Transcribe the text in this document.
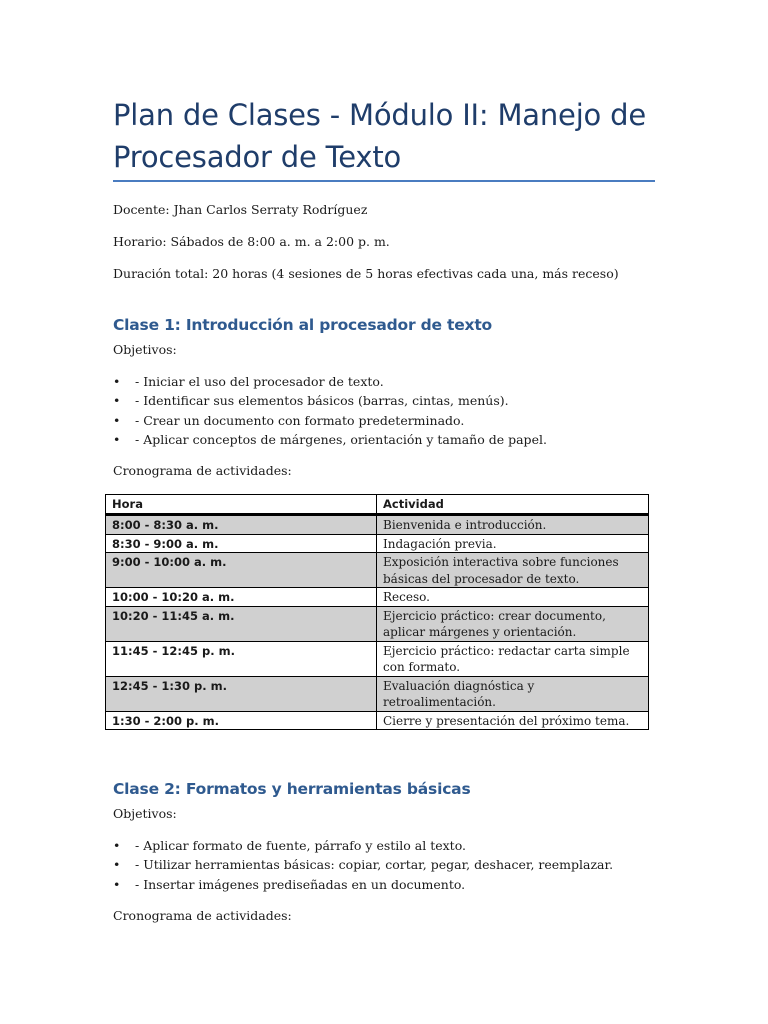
Plan de Clases - Módulo II: Manejo de Procesador de Texto
Docente: Jhan Carlos Serraty Rodríguez
Horario: Sábados de 8:00 a. m. a 2:00 p. m.
Duración total: 20 horas (4 sesiones de 5 horas efectivas cada una, más receso)
Clase 1: Introducción al procesador de texto
Objetivos:
• - Iniciar el uso del procesador de texto.
• - Identificar sus elementos básicos (barras, cintas, menús).
• - Crear un documento con formato predeterminado.
• - Aplicar conceptos de márgenes, orientación y tamaño de papel.
Cronograma de actividades:
Hora	Actividad
8:00 - 8:30 a. m.	Bienvenida e introducción.
8:30 - 9:00 a. m.	Indagación previa.
9:00 - 10:00 a. m.	Exposición interactiva sobre funciones básicas del procesador de texto.
10:00 - 10:20 a. m.	Receso.
10:20 - 11:45 a. m.	Ejercicio práctico: crear documento, aplicar márgenes y orientación.
11:45 - 12:45 p. m.	Ejercicio práctico: redactar carta simple con formato.
12:45 - 1:30 p. m.	Evaluación diagnóstica y retroalimentación.
1:30 - 2:00 p. m.	Cierre y presentación del próximo tema.
Clase 2: Formatos y herramientas básicas
Objetivos:
• - Aplicar formato de fuente, párrafo y estilo al texto.
• - Utilizar herramientas básicas: copiar, cortar, pegar, deshacer, reemplazar.
• - Insertar imágenes prediseñadas en un documento.
Cronograma de actividades:
